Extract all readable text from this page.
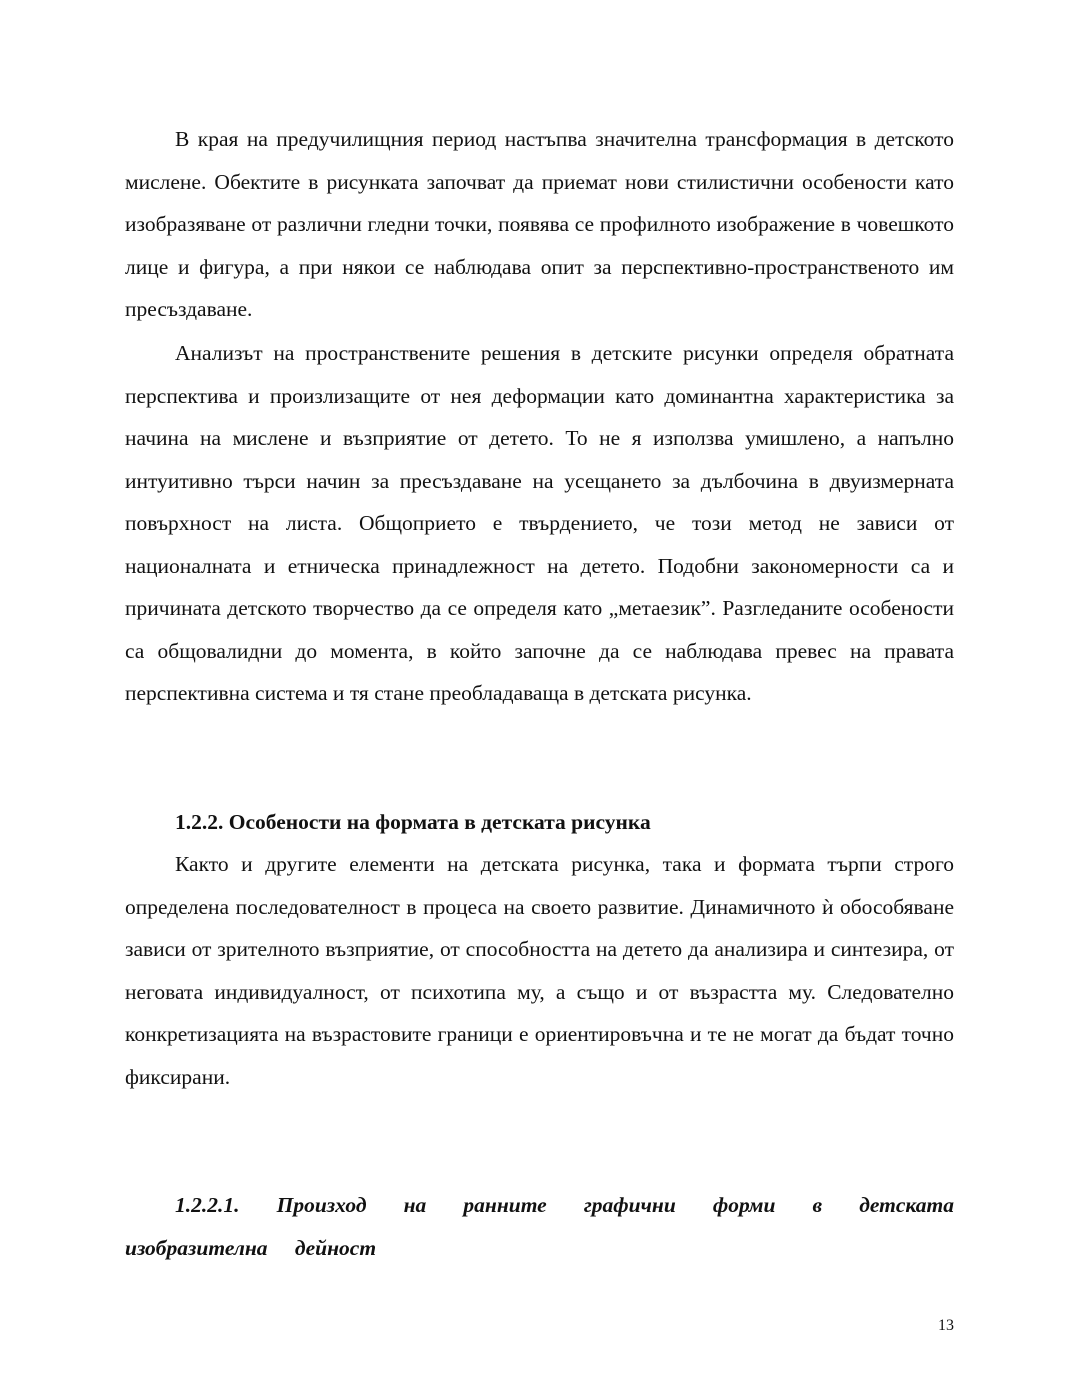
В края на предучилищния период настъпва значителна трансформация в детското мислене. Обектите в рисунката започват да приемат нови стилистични особености като изобразяване от различни гледни точки, появява се профилното изображение в човешкото лице и фигура, а при някои се наблюдава опит за перспективно-пространственото им пресъздаване.

Анализът на пространствените решения в детските рисунки определя обратната перспектива и произлизащите от нея деформации като доминантна характеристика за начина на мислене и възприятие от детето. То не я използва умишлено, а напълно интуитивно търси начин за пресъздаване на усещането за дълбочина в двуизмерната повърхност на листа. Общоприето е твърдението, че този метод не зависи от националната и етническа принадлежност на детето. Подобни закономерности са и причината детското творчество да се определя като „метаезик”. Разгледаните особености са общовалидни до момента, в който започне да се наблюдава превес на правата перспективна система и тя стане преобладаваща в детската рисунка.

1.2.2. Особености на формата в детската рисунка

Както и другите елементи на детската рисунка, така и формата търпи строго определена последователност в процеса на своето развитие. Динамичното ѝ обособяване зависи от зрителното възприятие, от способността на детето да анализира и синтезира, от неговата индивидуалност, от психотипа му, а също и от възрастта му. Следователно конкретизацията на възрастовите граници е ориентировъчна и те не могат да бъдат точно фиксирани.

1.2.2.1. Произход на ранните графични форми в детската изобразителна дейност
13
